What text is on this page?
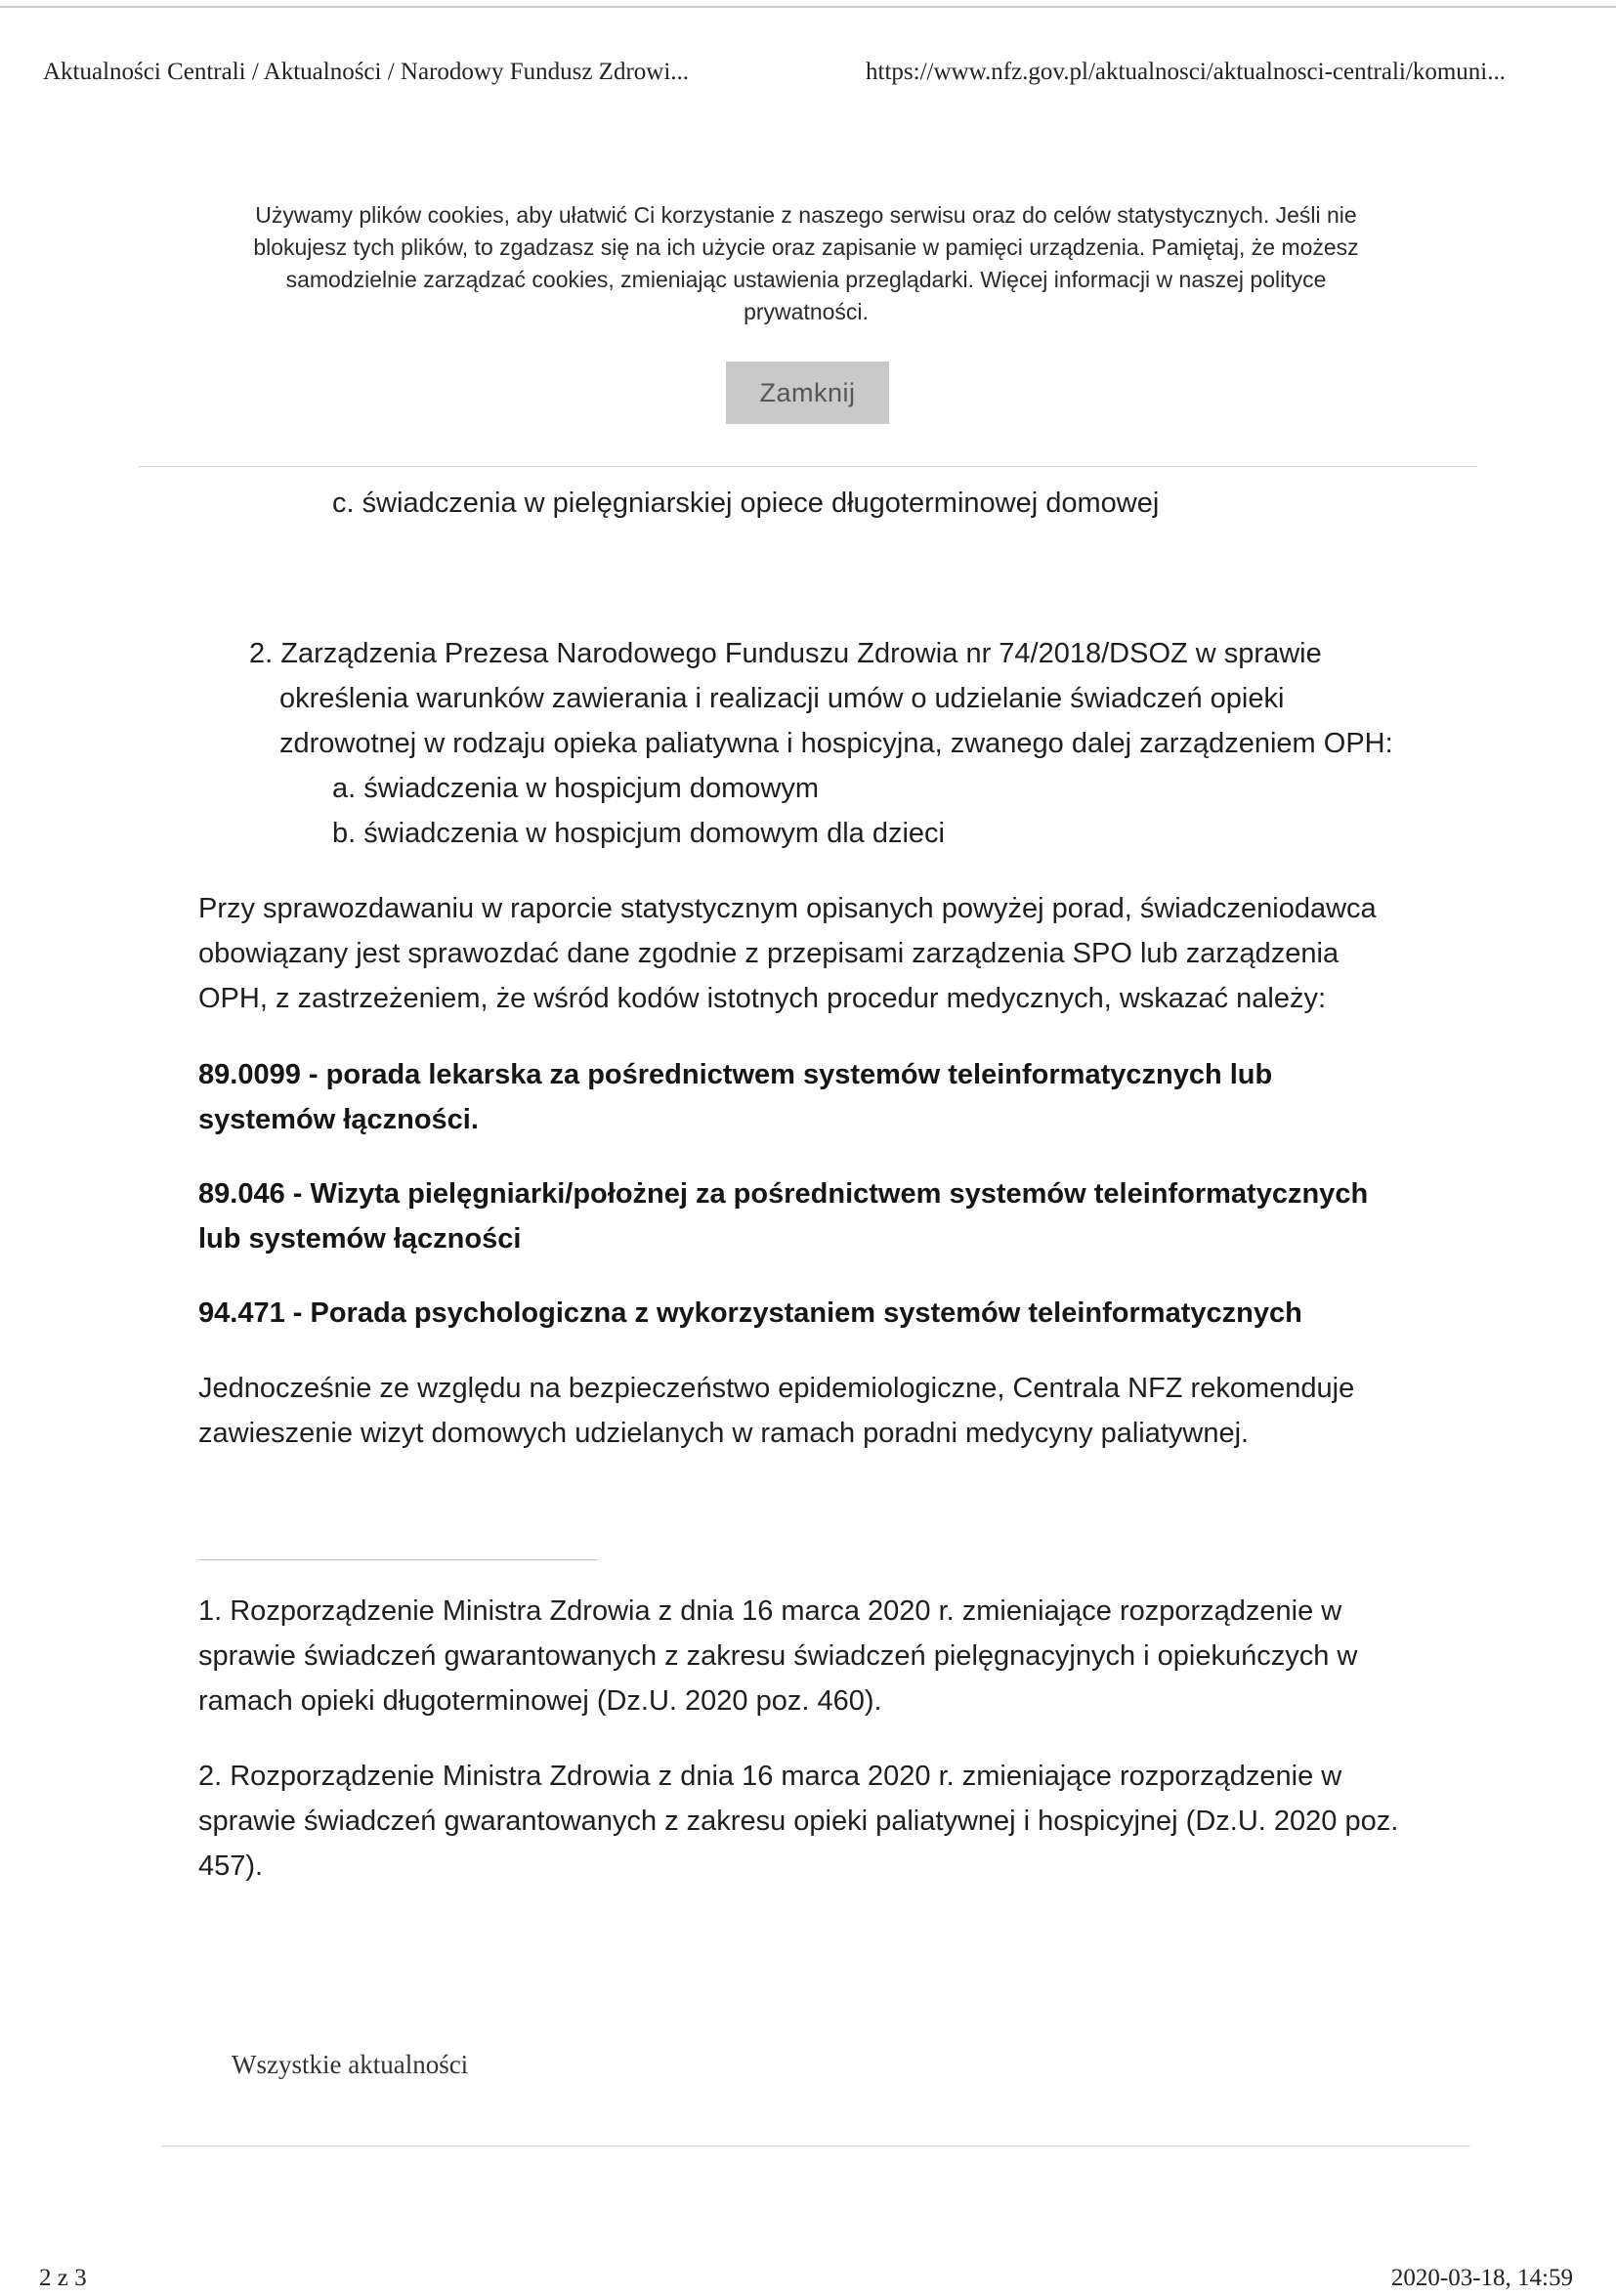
Aktualności Centrali / Aktualności / Narodowy Fundusz Zdrowi...	https://www.nfz.gov.pl/aktualnosci/aktualnosci-centrali/komuni...
Używamy plików cookies, aby ułatwić Ci korzystanie z naszego serwisu oraz do celów statystycznych. Jeśli nie
blokujesz tych plików, to zgadzasz się na ich użycie oraz zapisanie w pamięci urządzenia. Pamiętaj, że możesz
samodzielnie zarządzać cookies, zmieniając ustawienia przeglądarki. Więcej informacji w naszej polityce
prywatności.
Zamknij
c. świadczenia w pielęgniarskiej opiece długoterminowej domowej
2. Zarządzenia Prezesa Narodowego Funduszu Zdrowia nr 74/2018/DSOZ w sprawie
określenia warunków zawierania i realizacji umów o udzielanie świadczeń opieki
zdrowotnej w rodzaju opieka paliatywna i hospicyjna, zwanego dalej zarządzeniem OPH:
a. świadczenia w hospicjum domowym
b. świadczenia w hospicjum domowym dla dzieci
Przy sprawozdawaniu w raporcie statystycznym opisanych powyżej porad, świadczeniodawca
obowiązany jest sprawozdać dane zgodnie z przepisami zarządzenia SPO lub zarządzenia
OPH, z zastrzeżeniem, że wśród kodów istotnych procedur medycznych, wskazać należy:
89.0099 - porada lekarska za pośrednictwem systemów teleinformatycznych lub
systemów łączności.
89.046 - Wizyta pielęgniarki/położnej za pośrednictwem systemów teleinformatycznych
lub systemów łączności
94.471 - Porada psychologiczna z wykorzystaniem systemów teleinformatycznych
Jednocześnie ze względu na bezpieczeństwo epidemiologiczne, Centrala NFZ rekomenduje
zawieszenie wizyt domowych udzielanych w ramach poradni medycyny paliatywnej.
1. Rozporządzenie Ministra Zdrowia z dnia 16 marca 2020 r. zmieniające rozporządzenie w
sprawie świadczeń gwarantowanych z zakresu świadczeń pielęgnacyjnych i opiekuńczych w
ramach opieki długoterminowej (Dz.U. 2020 poz. 460).
2. Rozporządzenie Ministra Zdrowia z dnia 16 marca 2020 r. zmieniające rozporządzenie w
sprawie świadczeń gwarantowanych z zakresu opieki paliatywnej i hospicyjnej (Dz.U. 2020 poz.
457).
Wszystkie aktualności
2 z 3	2020-03-18, 14:59
